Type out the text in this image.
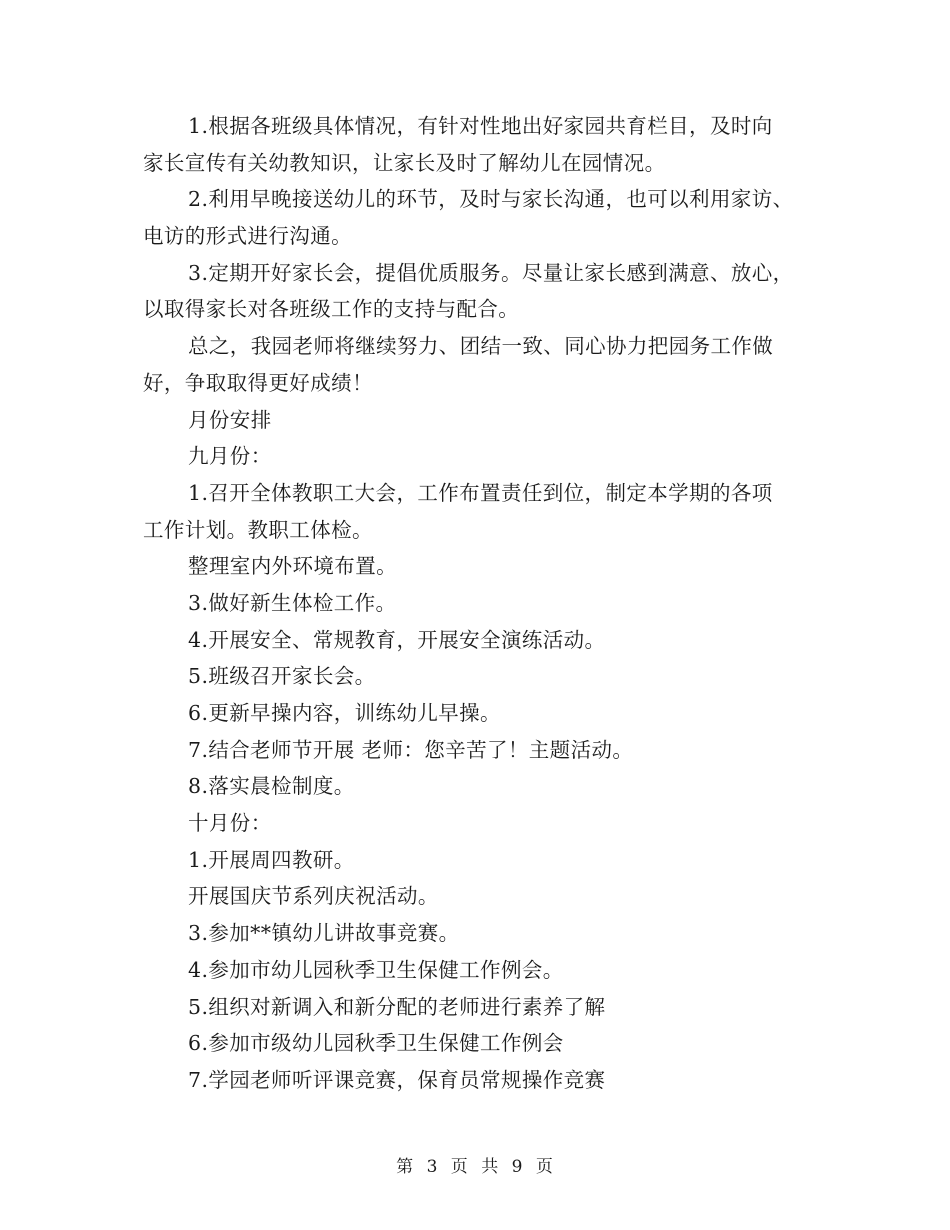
1.根据各班级具体情况，有针对性地出好家园共育栏目，及时向
家长宣传有关幼教知识，让家长及时了解幼儿在园情况。
2.利用早晚接送幼儿的环节，及时与家长沟通，也可以利用家访、
电访的形式进行沟通。
3.定期开好家长会，提倡优质服务。尽量让家长感到满意、放心，
以取得家长对各班级工作的支持与配合。
总之，我园老师将继续努力、团结一致、同心协力把园务工作做
好，争取取得更好成绩！
月份安排
九月份：
1.召开全体教职工大会，工作布置责任到位，制定本学期的各项
工作计划。教职工体检。
整理室内外环境布置。
3.做好新生体检工作。
4.开展安全、常规教育，开展安全演练活动。
5.班级召开家长会。
6.更新早操内容，训练幼儿早操。
7.结合老师节开展 老师：您辛苦了！主题活动。
8.落实晨检制度。
十月份：
1.开展周四教研。
开展国庆节系列庆祝活动。
3.参加**镇幼儿讲故事竞赛。
4.参加市幼儿园秋季卫生保健工作例会。
5.组织对新调入和新分配的老师进行素养了解
6.参加市级幼儿园秋季卫生保健工作例会
7.学园老师听评课竞赛，保育员常规操作竞赛
第 3 页 共 9 页
